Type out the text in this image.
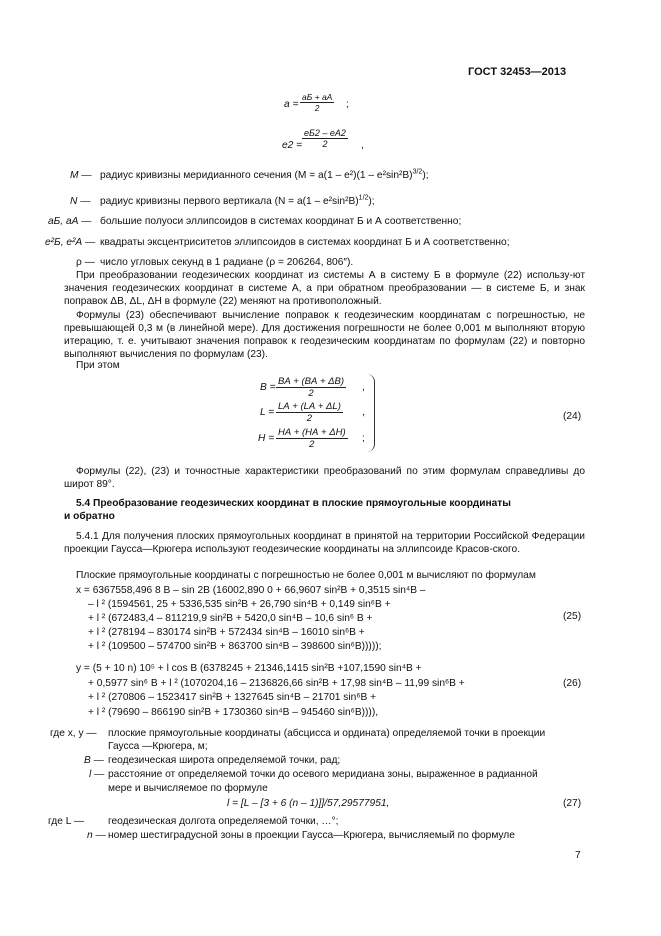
ГОСТ 32453—2013
a =
aБ + aА
2	;
e2 =
eБ2 – eА2
2	,
M — радиус кривизны меридианного сечения (M = a(1 – e²)(1 – e²sin²B)$^{3/2}$);
N — радиус кривизны первого вертикала (N = a(1 – e²sin²B)$^{1/2}$);
aБ, aА — большие полуоси эллипсоидов в системах координат Б и А соответственно;
e²Б, e²А — квадраты эксцентриситетов эллипсоидов в системах координат Б и А соответственно;
ρ — число угловых секунд в 1 радиане (ρ = 206264, 806″).
При преобразовании геодезических координат из системы А в систему Б в формуле (22) использу-ют значения геодезических координат в системе А, а при обратном преобразовании — в системе Б, и знак поправок ΔB, ΔL, ΔH в формуле (22) меняют на противоположный.
Формулы (23) обеспечивают вычисление поправок к геодезическим координатам с погрешностью, не превышающей 0,3 м (в линейной мере). Для достижения погрешности не более 0,001 м выполняют вторую итерацию, т. е. учитывают значения поправок к геодезическим координатам по формулам (22) и повторно выполняют вычисления по формулам (23).
При этом
B =
BА + (BА + ΔB)
2
,
L =
LА + (LА + ΔL)
2
,
H =
HА + (HА + ΔH)
2
;
(24)
Формулы (22), (23) и точностные характеристики преобразований по этим формулам справедливы до широт 89°.
5.4 Преобразование геодезических координат в плоские прямоугольные координаты
и обратно
5.4.1 Для получения плоских прямоугольных координат в принятой на территории Российской Федерации проекции Гаусса—Крюгера используют геодезические координаты на эллипсоиде Красов-ского.
Плоские прямоугольные координаты с погрешностью не более 0,001 м вычисляют по формулам
x = 6367558,496 8 B – sin 2B (16002,890 0 + 66,9607 sin²B + 0,3515 sin⁴B –
– l ² (1594561, 25 + 5336,535 sin²B + 26,790 sin⁴B + 0,149 sin⁶B +
+ l ² (672483,4 – 811219,9 sin²B + 5420,0 sin⁴B – 10,6 sin⁶ B +
+ l ² (278194 – 830174 sin²B + 572434 sin⁴B – 16010 sin⁶B +
+ l ² (109500 – 574700 sin²B + 863700 sin⁴B – 398600 sin⁶B)))));
(25)
y = (5 + 10 n) 10⁵ + l cos B (6378245 + 21346,1415 sin²B +107,1590 sin⁴B +
+ 0,5977 sin⁶ B + l ² (1070204,16 – 2136826,66 sin²B + 17,98 sin⁴B – 11,99 sin⁶B +
+ l ² (270806 – 1523417 sin²B + 1327645 sin⁴B – 21701 sin⁶B +
+ l ² (79690 – 866190 sin²B + 1730360 sin⁴B – 945460 sin⁶B)))),
(26)
где x, y — плоские прямоугольные координаты (абсцисса и ордината) определяемой точки в проекции
Гаусса —Крюгера, м;
B — геодезическая широта определяемой точки, рад;
l — расстояние от определяемой точки до осевого меридиана зоны, выраженное в радианной
мере и вычисляемое по формуле
l = [L – [3 + 6 (n – 1)]]/57,29577951,	(27)
где L — геодезическая долгота определяемой точки, …°;
n — номер шестиградусной зоны в проекции Гаусса—Крюгера, вычисляемый по формуле
7
